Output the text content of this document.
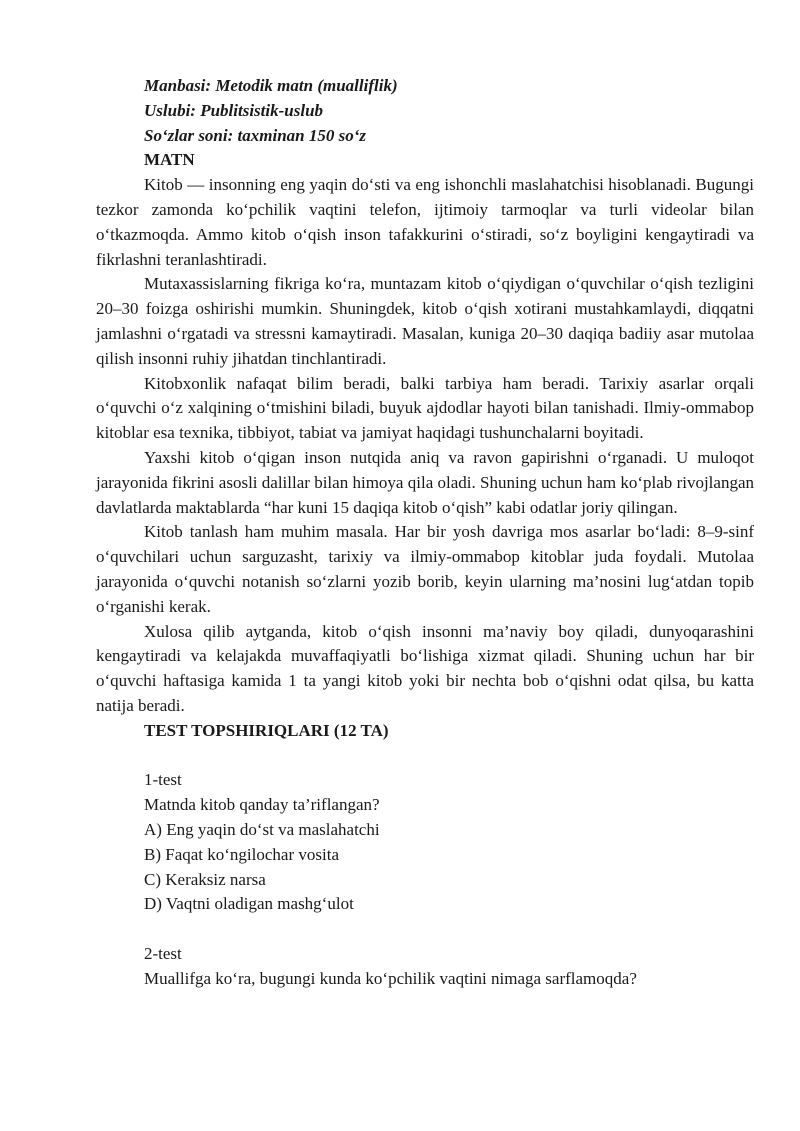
Manbasi: Metodik matn (mualliflik)

Uslubi: Publitsistik-uslub

So‘zlar soni: taxminan 150 so‘z

MATN

Kitob — insonning eng yaqin do‘sti va eng ishonchli maslahatchisi hisoblanadi. Bugungi tezkor zamonda ko‘pchilik vaqtini telefon, ijtimoiy tarmoqlar va turli videolar bilan o‘tkazmoqda. Ammo kitob o‘qish inson tafakkurini o‘stiradi, so‘z boyligini kengaytiradi va fikrlashni teranlashtiradi.

Mutaxassislarning fikriga ko‘ra, muntazam kitob o‘qiydigan o‘quvchilar o‘qish tezligini 20–30 foizga oshirishi mumkin. Shuningdek, kitob o‘qish xotirani mustahkamlaydi, diqqatni jamlashni o‘rgatadi va stressni kamaytiradi. Masalan, kuniga 20–30 daqiqa badiiy asar mutolaa qilish insonni ruhiy jihatdan tinchlantiradi.

Kitobxonlik nafaqat bilim beradi, balki tarbiya ham beradi. Tarixiy asarlar orqali o‘quvchi o‘z xalqining o‘tmishini biladi, buyuk ajdodlar hayoti bilan tanishadi. Ilmiy-ommabop kitoblar esa texnika, tibbiyot, tabiat va jamiyat haqidagi tushunchalarni boyitadi.

Yaxshi kitob o‘qigan inson nutqida aniq va ravon gapirishni o‘rganadi. U muloqot jarayonida fikrini asosli dalillar bilan himoya qila oladi. Shuning uchun ham ko‘plab rivojlangan davlatlarda maktablarda “har kuni 15 daqiqa kitob o‘qish” kabi odatlar joriy qilingan.

Kitob tanlash ham muhim masala. Har bir yosh davriga mos asarlar bo‘ladi: 8–9-sinf o‘quvchilari uchun sarguzasht, tarixiy va ilmiy-ommabop kitoblar juda foydali. Mutolaa jarayonida o‘quvchi notanish so‘zlarni yozib borib, keyin ularning ma’nosini lug‘atdan topib o‘rganishi kerak.

Xulosa qilib aytganda, kitob o‘qish insonni ma’naviy boy qiladi, dunyoqarashini kengaytiradi va kelajakda muvaffaqiyatli bo‘lishiga xizmat qiladi. Shuning uchun har bir o‘quvchi haftasiga kamida 1 ta yangi kitob yoki bir nechta bob o‘qishni odat qilsa, bu katta natija beradi.

TEST TOPSHIRIQLARI (12 TA)

1-test

Matnda kitob qanday ta’riflangan?

A) Eng yaqin do‘st va maslahatchi

B) Faqat ko‘ngilochar vosita

C) Keraksiz narsa

D) Vaqtni oladigan mashg‘ulot

2-test

Muallifga ko‘ra, bugungi kunda ko‘pchilik vaqtini nimaga sarflamoqda?
